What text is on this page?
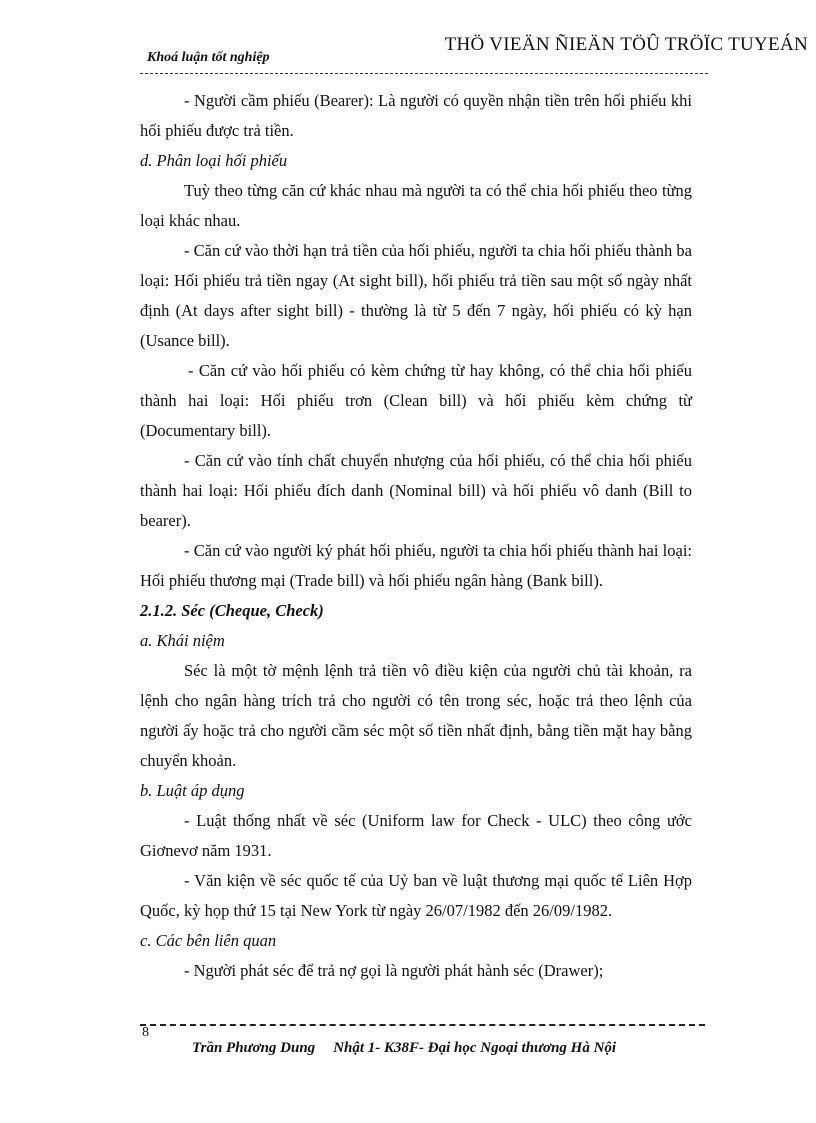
Khoá luận tốt nghiệp
THÖ VIEÄN ÑIEÄN TÖÛ TRÖÏC TUYEÁN

- Người cầm phiếu (Bearer): Là người có quyền nhận tiền trên hối phiếu khi hối phiếu được trả tiền.

d. Phân loại hối phiếu

Tuỳ theo từng căn cứ khác nhau mà người ta có thể chia hối phiếu theo từng loại khác nhau.

- Căn cứ vào thời hạn trả tiền của hối phiếu, người ta chia hối phiếu thành ba loại: Hối phiếu trả tiền ngay (At sight bill), hối phiếu trả tiền sau một số ngày nhất định (At days after sight bill) - thường là từ 5 đến 7 ngày, hối phiếu có kỳ hạn (Usance bill).

- Căn cứ vào hối phiếu có kèm chứng từ hay không, có thể chia hối phiếu thành hai loại: Hối phiếu trơn (Clean bill) và hối phiếu kèm chứng từ (Documentary bill).

- Căn cứ vào tính chất chuyển nhượng của hối phiếu, có thể chia hối phiếu thành hai loại: Hối phiếu đích danh (Nominal bill) và hối phiếu vô danh (Bill to bearer).

- Căn cứ vào người ký phát hối phiếu, người ta chia hối phiếu thành hai loại: Hối phiếu thương mại (Trade bill) và hối phiếu ngân hàng (Bank bill).

2.1.2. Séc (Cheque, Check)

a. Khái niệm

Séc là một tờ mệnh lệnh trả tiền vô điều kiện của người chủ tài khoản, ra lệnh cho ngân hàng trích trả cho người có tên trong séc, hoặc trả theo lệnh của người ấy hoặc trả cho người cầm séc một số tiền nhất định, bằng tiền mặt hay bằng chuyển khoản.

b. Luật áp dụng

- Luật thống nhất về séc (Uniform law for Check - ULC) theo công ước Giơnevơ năm 1931.

- Văn kiện về séc quốc tế của Uỷ ban về luật thương mại quốc tế Liên Hợp Quốc, kỳ họp thứ 15 tại New York từ ngày 26/07/1982 đến 26/09/1982.

c. Các bên liên quan

- Người phát séc để trả nợ gọi là người phát hành séc (Drawer);

8
Trần Phương Dung Nhật 1- K38F- Đại học Ngoại thương Hà Nội
